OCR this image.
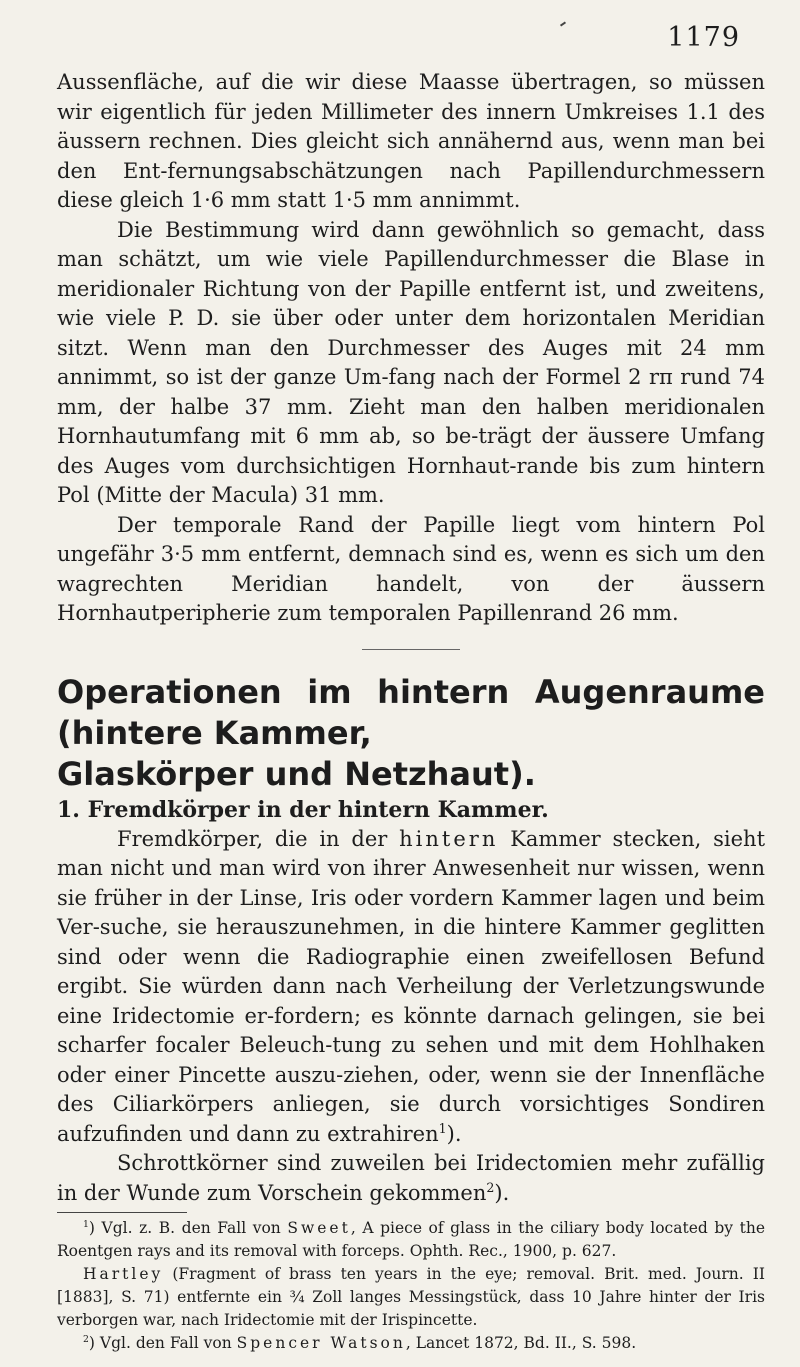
1179

Aussenfläche, auf die wir diese Maasse übertragen, so müssen wir eigentlich für jeden Millimeter des innern Umkreises 1.1 des äussern rechnen. Dies gleicht sich annähernd aus, wenn man bei den Ent-fernungsabschätzungen nach Papillendurchmessern diese gleich 1·6 mm statt 1·5 mm annimmt.

Die Bestimmung wird dann gewöhnlich so gemacht, dass man schätzt, um wie viele Papillendurchmesser die Blase in meridionaler Richtung von der Papille entfernt ist, und zweitens, wie viele P. D. sie über oder unter dem horizontalen Meridian sitzt. Wenn man den Durchmesser des Auges mit 24 mm annimmt, so ist der ganze Um-fang nach der Formel 2 rπ rund 74 mm, der halbe 37 mm. Zieht man den halben meridionalen Hornhautumfang mit 6 mm ab, so be-trägt der äussere Umfang des Auges vom durchsichtigen Hornhaut-rande bis zum hintern Pol (Mitte der Macula) 31 mm.

Der temporale Rand der Papille liegt vom hintern Pol ungefähr 3·5 mm entfernt, demnach sind es, wenn es sich um den wagrechten Meridian handelt, von der äussern Hornhautperipherie zum temporalen Papillenrand 26 mm.

Operationen im hintern Augenraume (hintere Kammer,

Glaskörper und Netzhaut).

1. Fremdkörper in der hintern Kammer.

Fremdkörper, die in der hintern Kammer stecken, sieht man nicht und man wird von ihrer Anwesenheit nur wissen, wenn sie früher in der Linse, Iris oder vordern Kammer lagen und beim Ver-suche, sie herauszunehmen, in die hintere Kammer geglitten sind oder wenn die Radiographie einen zweifellosen Befund ergibt. Sie würden dann nach Verheilung der Verletzungswunde eine Iridectomie er-fordern; es könnte darnach gelingen, sie bei scharfer focaler Beleuch-tung zu sehen und mit dem Hohlhaken oder einer Pincette auszu-ziehen, oder, wenn sie der Innenfläche des Ciliarkörpers anliegen, sie durch vorsichtiges Sondiren aufzufinden und dann zu extrahiren$^1$).

Schrottkörner sind zuweilen bei Iridectomien mehr zufällig in der Wunde zum Vorschein gekommen$^2$).

$^1$) Vgl. z. B. den Fall von Sweet, A piece of glass in the ciliary body located by the Roentgen rays and its removal with forceps. Ophth. Rec., 1900, p. 627.

Hartley (Fragment of brass ten years in the eye; removal. Brit. med. Journ. II [1883], S. 71) entfernte ein ¾ Zoll langes Messingstück, dass 10 Jahre hinter der Iris verborgen war, nach Iridectomie mit der Irispincette.

$^2$) Vgl. den Fall von Spencer Watson, Lancet 1872, Bd. II., S. 598.
